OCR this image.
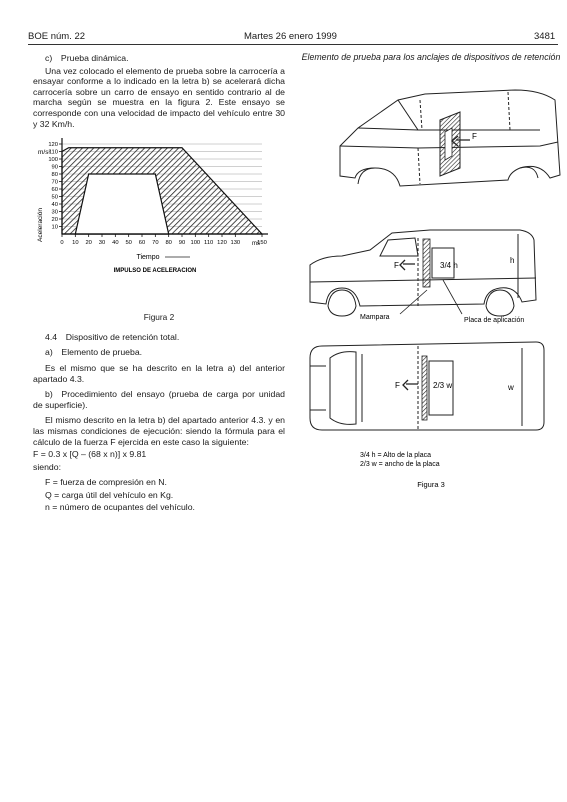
BOE núm. 22	Martes 26 enero 1999	3481

c) Prueba dinámica.

Una vez colocado el elemento de prueba sobre la carrocería a ensayar conforme a lo indicado en la letra b) se acelerará dicha carrocería sobre un carro de ensayo en sentido contrario al de marcha según se muestra en la figura 2. Este ensayo se corresponde con una velocidad de impacto del vehículo entre 30 y 32 Km/h.

Figura 2

4.4 Dispositivo de retención total.

a) Elemento de prueba.

Es el mismo que se ha descrito en la letra a) del anterior apartado 4.3.

b) Procedimiento del ensayo (prueba de carga por unidad de superficie).

El mismo descrito en la letra b) del apartado anterior 4.3. y en las mismas condiciones de ejecución: siendo la fórmula para el cálculo de la fuerza F ejercida en este caso la siguiente:

F = 0.3 x [Q – (68 x n)] x 9.81

siendo:

F = fuerza de compresión en N.

Q = carga útil del vehículo en Kg.

n = número de ocupantes del vehículo.

10
20
30
40
50
60
70
80
90
100
110
120
0 10 20 30 40 50 60 70 80 90 100 110 120 130	150
m/s²
Aceleración
ms
Tiempo
IMPULSO DE ACELERACION
Elemento de prueba para los anclajes de dispositivos de retención
F
F	3/4 h
h
Mampara	Placa de aplicación
F	2/3 w	w
3/4 h = Alto de la placa
2/3 w = ancho de la placa
Figura 3
